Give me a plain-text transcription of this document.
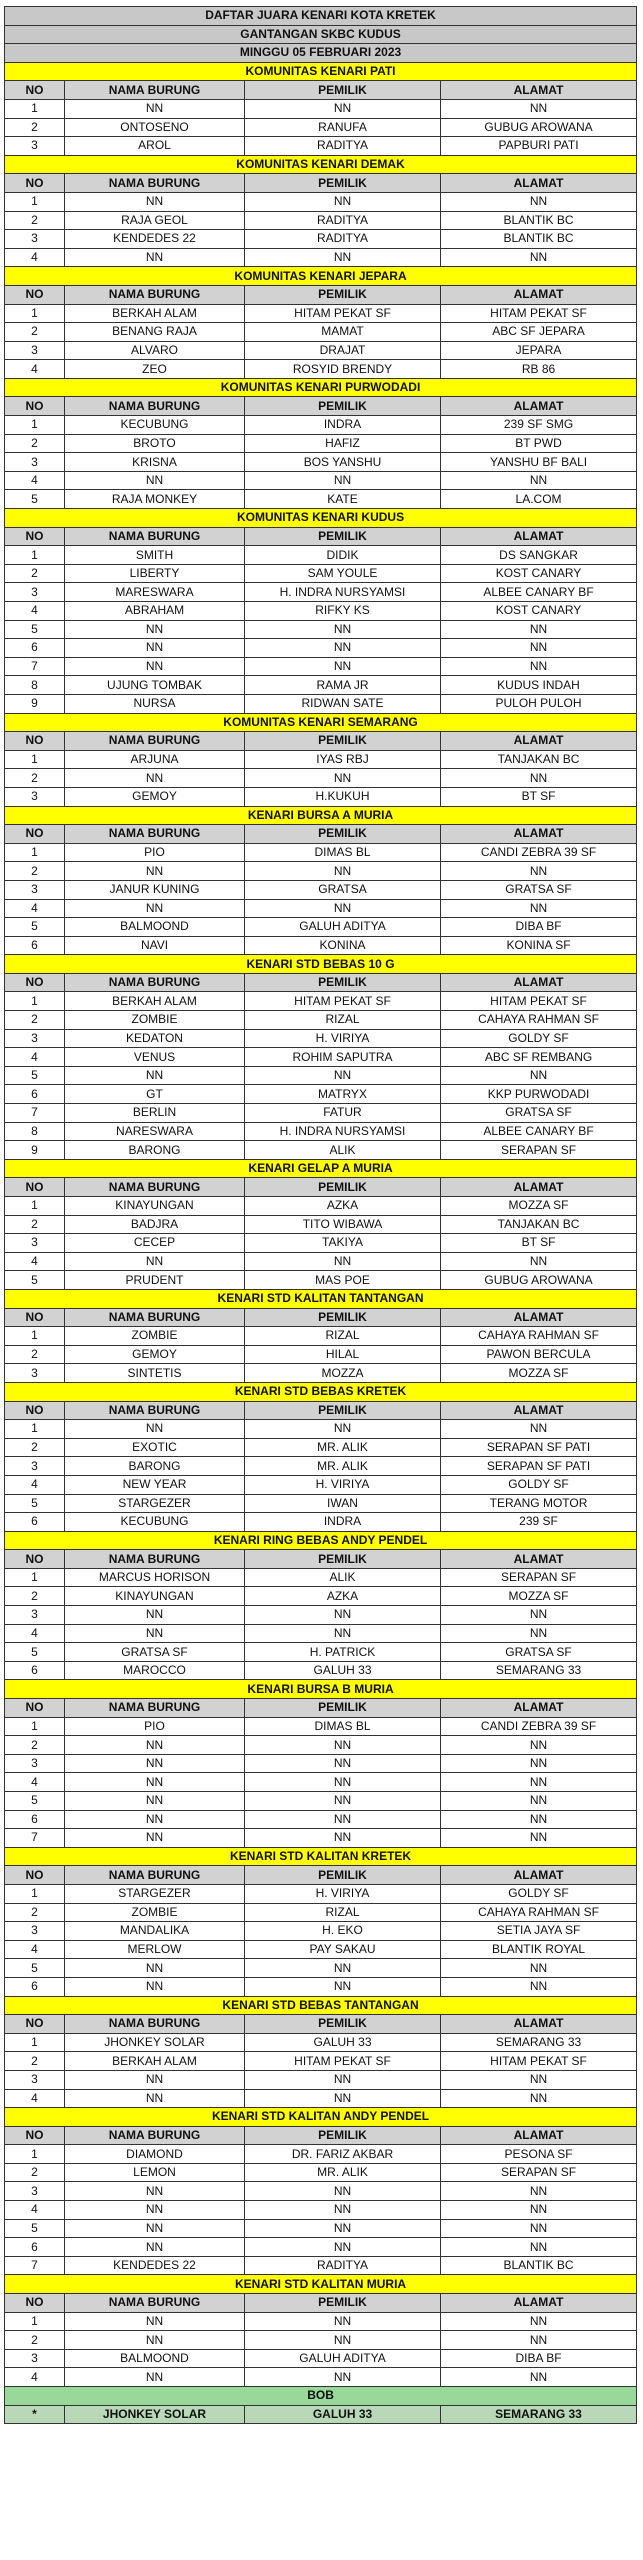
DAFTAR JUARA KENARI KOTA KRETEK			
GANTANGAN SKBC KUDUS			
MINGGU 05 FEBRUARI 2023			
KOMUNITAS KENARI PATI			
NO	NAMA BURUNG	PEMILIK	ALAMAT
1	NN	NN	NN
2	ONTOSENO	RANUFA	GUBUG AROWANA
3	AROL	RADITYA	PAPBURI PATI
KOMUNITAS KENARI DEMAK			
NO	NAMA BURUNG	PEMILIK	ALAMAT
1	NN	NN	NN
2	RAJA GEOL	RADITYA	BLANTIK BC
3	KENDEDES 22	RADITYA	BLANTIK BC
4	NN	NN	NN
KOMUNITAS KENARI JEPARA			
NO	NAMA BURUNG	PEMILIK	ALAMAT
1	BERKAH ALAM	HITAM PEKAT SF	HITAM PEKAT SF
2	BENANG RAJA	MAMAT	ABC SF JEPARA
3	ALVARO	DRAJAT	JEPARA
4	ZEO	ROSYID BRENDY	RB 86
KOMUNITAS KENARI PURWODADI			
NO	NAMA BURUNG	PEMILIK	ALAMAT
1	KECUBUNG	INDRA	239 SF SMG
2	BROTO	HAFIZ	BT PWD
3	KRISNA	BOS YANSHU	YANSHU BF BALI
4	NN	NN	NN
5	RAJA MONKEY	KATE	LA.COM
KOMUNITAS KENARI KUDUS			
NO	NAMA BURUNG	PEMILIK	ALAMAT
1	SMITH	DIDIK	DS SANGKAR
2	LIBERTY	SAM YOULE	KOST CANARY
3	MARESWARA	H. INDRA NURSYAMSI	ALBEE CANARY BF
4	ABRAHAM	RIFKY KS	KOST CANARY
5	NN	NN	NN
6	NN	NN	NN
7	NN	NN	NN
8	UJUNG TOMBAK	RAMA JR	KUDUS INDAH
9	NURSA	RIDWAN SATE	PULOH PULOH
KOMUNITAS KENARI SEMARANG			
NO	NAMA BURUNG	PEMILIK	ALAMAT
1	ARJUNA	IYAS RBJ	TANJAKAN BC
2	NN	NN	NN
3	GEMOY	H.KUKUH	BT SF
KENARI BURSA A MURIA			
NO	NAMA BURUNG	PEMILIK	ALAMAT
1	PIO	DIMAS BL	CANDI ZEBRA 39 SF
2	NN	NN	NN
3	JANUR KUNING	GRATSA	GRATSA SF
4	NN	NN	NN
5	BALMOOND	GALUH ADITYA	DIBA BF
6	NAVI	KONINA	KONINA SF
KENARI STD BEBAS 10 G			
NO	NAMA BURUNG	PEMILIK	ALAMAT
1	BERKAH ALAM	HITAM PEKAT SF	HITAM PEKAT SF
2	ZOMBIE	RIZAL	CAHAYA RAHMAN SF
3	KEDATON	H. VIRIYA	GOLDY SF
4	VENUS	ROHIM SAPUTRA	ABC SF REMBANG
5	NN	NN	NN
6	GT	MATRYX	KKP PURWODADI
7	BERLIN	FATUR	GRATSA SF
8	NARESWARA	H. INDRA NURSYAMSI	ALBEE CANARY BF
9	BARONG	ALIK	SERAPAN SF
KENARI GELAP A MURIA			
NO	NAMA BURUNG	PEMILIK	ALAMAT
1	KINAYUNGAN	AZKA	MOZZA SF
2	BADJRA	TITO WIBAWA	TANJAKAN BC
3	CECEP	TAKIYA	BT SF
4	NN	NN	NN
5	PRUDENT	MAS POE	GUBUG AROWANA
KENARI STD KALITAN TANTANGAN			
NO	NAMA BURUNG	PEMILIK	ALAMAT
1	ZOMBIE	RIZAL	CAHAYA RAHMAN SF
2	GEMOY	HILAL	PAWON BERCULA
3	SINTETIS	MOZZA	MOZZA SF
KENARI STD BEBAS KRETEK			
NO	NAMA BURUNG	PEMILIK	ALAMAT
1	NN	NN	NN
2	EXOTIC	MR. ALIK	SERAPAN SF PATI
3	BARONG	MR. ALIK	SERAPAN SF PATI
4	NEW YEAR	H. VIRIYA	GOLDY SF
5	STARGEZER	IWAN	TERANG MOTOR
6	KECUBUNG	INDRA	239 SF
KENARI RING BEBAS ANDY PENDEL			
NO	NAMA BURUNG	PEMILIK	ALAMAT
1	MARCUS HORISON	ALIK	SERAPAN SF
2	KINAYUNGAN	AZKA	MOZZA SF
3	NN	NN	NN
4	NN	NN	NN
5	GRATSA SF	H. PATRICK	GRATSA SF
6	MAROCCO	GALUH 33	SEMARANG 33
KENARI BURSA B MURIA			
NO	NAMA BURUNG	PEMILIK	ALAMAT
1	PIO	DIMAS BL	CANDI ZEBRA 39 SF
2	NN	NN	NN
3	NN	NN	NN
4	NN	NN	NN
5	NN	NN	NN
6	NN	NN	NN
7	NN	NN	NN
KENARI STD KALITAN KRETEK			
NO	NAMA BURUNG	PEMILIK	ALAMAT
1	STARGEZER	H. VIRIYA	GOLDY SF
2	ZOMBIE	RIZAL	CAHAYA RAHMAN SF
3	MANDALIKA	H. EKO	SETIA JAYA SF
4	MERLOW	PAY SAKAU	BLANTIK ROYAL
5	NN	NN	NN
6	NN	NN	NN
KENARI STD BEBAS TANTANGAN			
NO	NAMA BURUNG	PEMILIK	ALAMAT
1	JHONKEY SOLAR	GALUH 33	SEMARANG 33
2	BERKAH ALAM	HITAM PEKAT SF	HITAM PEKAT SF
3	NN	NN	NN
4	NN	NN	NN
KENARI STD KALITAN ANDY PENDEL			
NO	NAMA BURUNG	PEMILIK	ALAMAT
1	DIAMOND	DR. FARIZ AKBAR	PESONA SF
2	LEMON	MR. ALIK	SERAPAN SF
3	NN	NN	NN
4	NN	NN	NN
5	NN	NN	NN
6	NN	NN	NN
7	KENDEDES 22	RADITYA	BLANTIK BC
KENARI STD KALITAN MURIA			
NO	NAMA BURUNG	PEMILIK	ALAMAT
1	NN	NN	NN
2	NN	NN	NN
3	BALMOOND	GALUH ADITYA	DIBA BF
4	NN	NN	NN
BOB			
*	JHONKEY SOLAR	GALUH 33	SEMARANG 33
